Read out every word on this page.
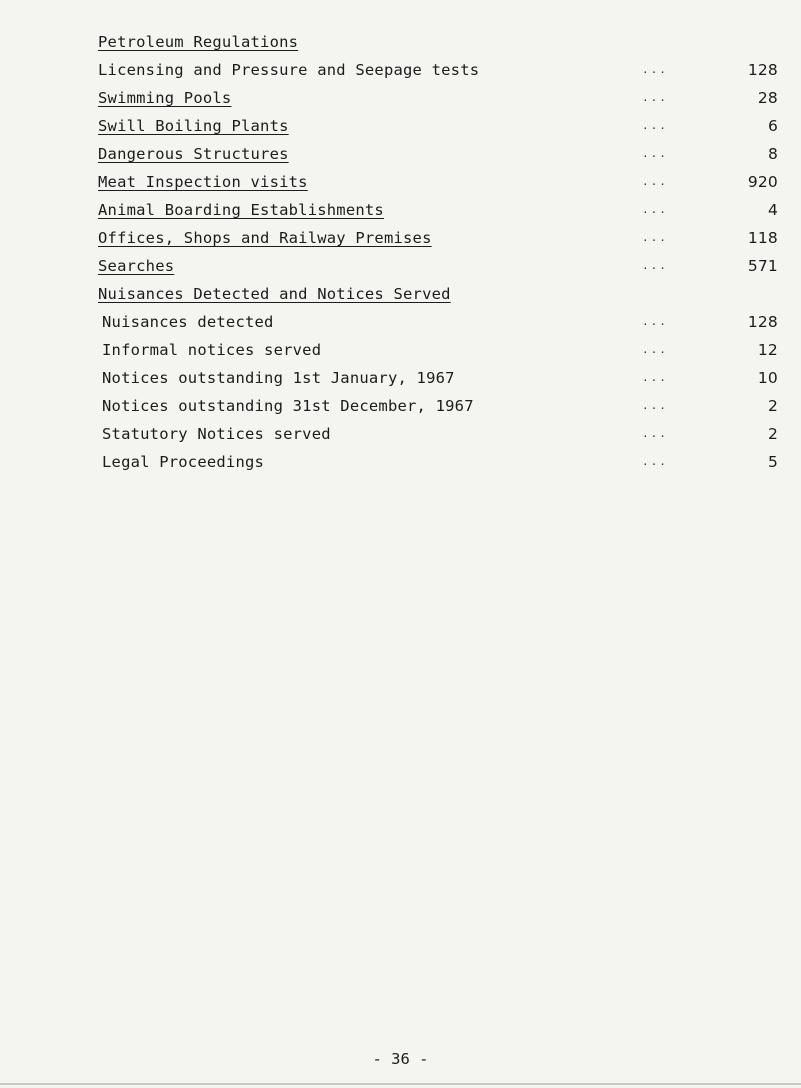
Petroleum Regulations
Licensing and Pressure and Seepage tests	...	128
Swimming Pools	...	28
Swill Boiling Plants	...	6
Dangerous Structures	...	8
Meat Inspection visits	...	920
Animal Boarding Establishments	...	4
Offices, Shops and Railway Premises	...	118
Searches	...	571
Nuisances Detected and Notices Served
Nuisances detected	...	128
Informal notices served	...	12
Notices outstanding 1st January, 1967	...	10
Notices outstanding 31st December, 1967	...	2
Statutory Notices served	...	2
Legal Proceedings	...	5
- 36 -
